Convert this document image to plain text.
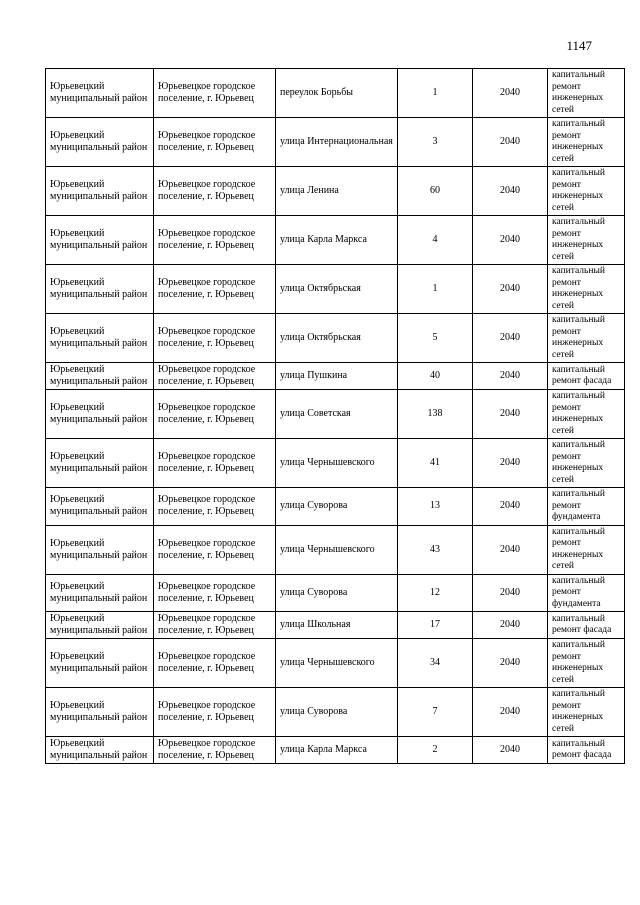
1147
Юрьевецкий муниципальный район	Юрьевецкое городское поселение, г. Юрьевец	переулок Борьбы	1	2040	капитальный ремонт инженерных сетей
Юрьевецкий муниципальный район	Юрьевецкое городское поселение, г. Юрьевец	улица Интернациональная	3	2040	капитальный ремонт инженерных сетей
Юрьевецкий муниципальный район	Юрьевецкое городское поселение, г. Юрьевец	улица Ленина	60	2040	капитальный ремонт инженерных сетей
Юрьевецкий муниципальный район	Юрьевецкое городское поселение, г. Юрьевец	улица Карла Маркса	4	2040	капитальный ремонт инженерных сетей
Юрьевецкий муниципальный район	Юрьевецкое городское поселение, г. Юрьевец	улица Октябрьская	1	2040	капитальный ремонт инженерных сетей
Юрьевецкий муниципальный район	Юрьевецкое городское поселение, г. Юрьевец	улица Октябрьская	5	2040	капитальный ремонт инженерных сетей
Юрьевецкий муниципальный район	Юрьевецкое городское поселение, г. Юрьевец	улица Пушкина	40	2040	капитальный ремонт фасада
Юрьевецкий муниципальный район	Юрьевецкое городское поселение, г. Юрьевец	улица Советская	138	2040	капитальный ремонт инженерных сетей
Юрьевецкий муниципальный район	Юрьевецкое городское поселение, г. Юрьевец	улица Чернышевского	41	2040	капитальный ремонт инженерных сетей
Юрьевецкий муниципальный район	Юрьевецкое городское поселение, г. Юрьевец	улица Суворова	13	2040	капитальный ремонт фундамента
Юрьевецкий муниципальный район	Юрьевецкое городское поселение, г. Юрьевец	улица Чернышевского	43	2040	капитальный ремонт инженерных сетей
Юрьевецкий муниципальный район	Юрьевецкое городское поселение, г. Юрьевец	улица Суворова	12	2040	капитальный ремонт фундамента
Юрьевецкий муниципальный район	Юрьевецкое городское поселение, г. Юрьевец	улица Школьная	17	2040	капитальный ремонт фасада
Юрьевецкий муниципальный район	Юрьевецкое городское поселение, г. Юрьевец	улица Чернышевского	34	2040	капитальный ремонт инженерных сетей
Юрьевецкий муниципальный район	Юрьевецкое городское поселение, г. Юрьевец	улица Суворова	7	2040	капитальный ремонт инженерных сетей
Юрьевецкий муниципальный район	Юрьевецкое городское поселение, г. Юрьевец	улица Карла Маркса	2	2040	капитальный ремонт фасада
